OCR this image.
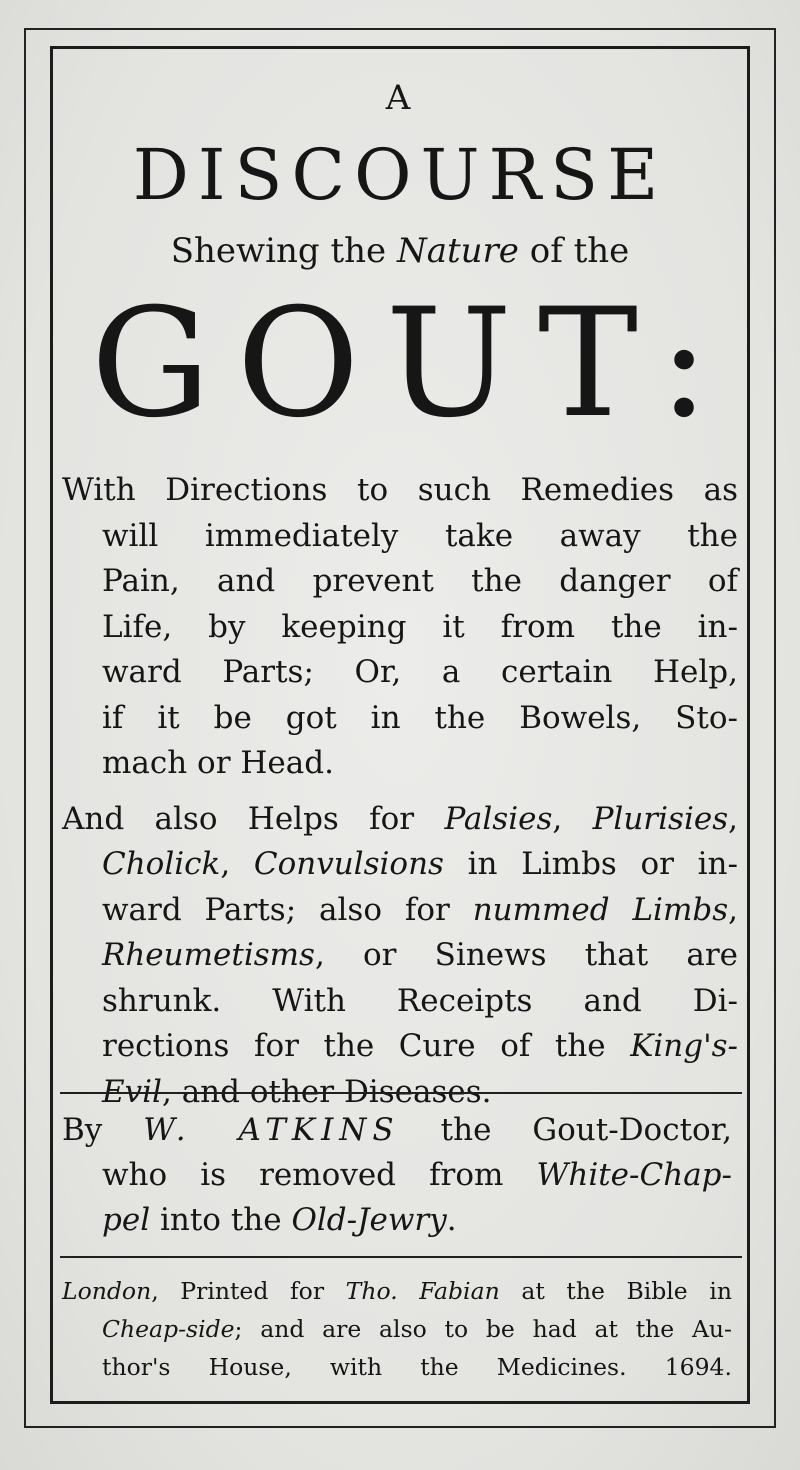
A
DISCOURSE
Shewing the Nature of the
GOUT:
With Directions to such Remedies as
will immediately take away the
Pain, and prevent the danger of
Life, by keeping it from the in-
ward Parts; Or, a certain Help,
if it be got in the Bowels, Sto-
mach or Head.
And also Helps for Palsies, Plurisies,
Cholick, Convulsions in Limbs or in-
ward Parts; also for nummed Limbs,
Rheumetisms, or Sinews that are
shrunk. With Receipts and Di-
rections for the Cure of the King's-
Evil, and other Diseases.
By W. ATKINS the Gout-Doctor,
who is removed from White-Chap-
pel into the Old-Jewry.
London, Printed for Tho. Fabian at the Bible in
Cheap-side; and are also to be had at the Au-
thor's House, with the Medicines. 1694.
